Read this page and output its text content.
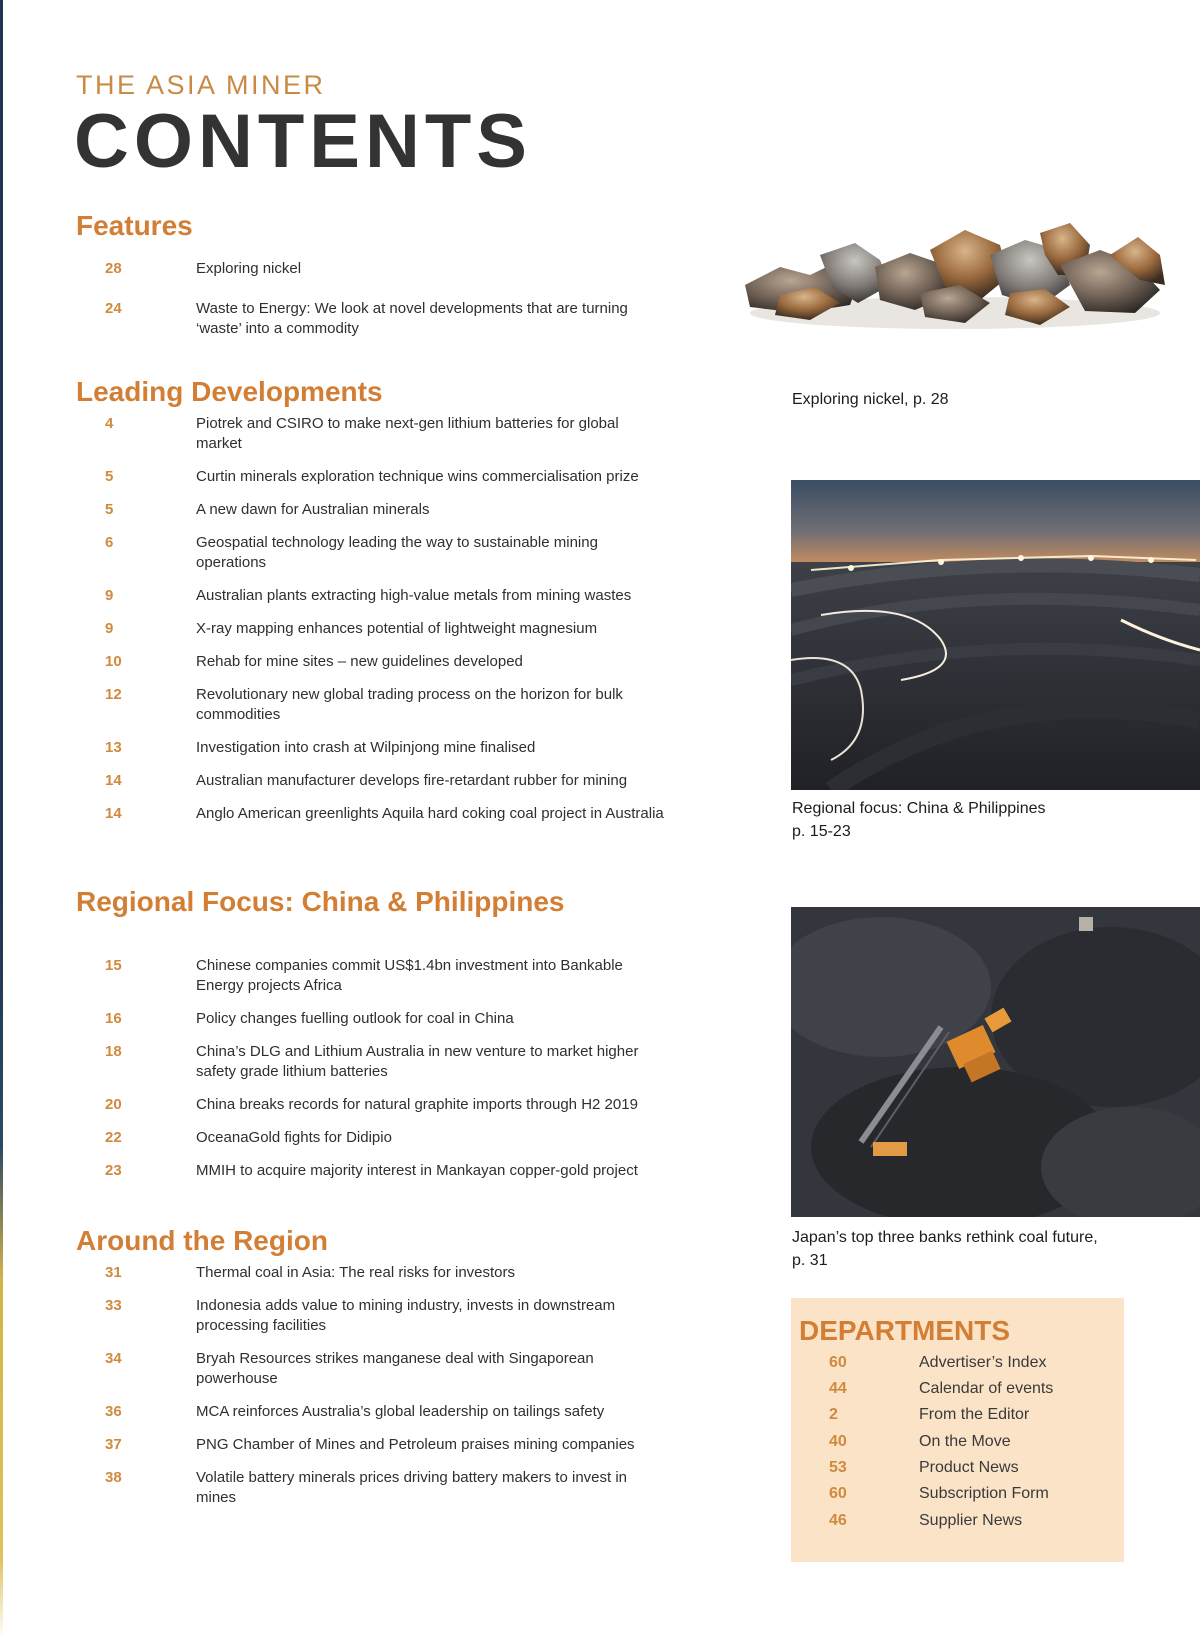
THE ASIA MINER
CONTENTS
Features
28	Exploring nickel
24	Waste to Energy: We look at novel developments that are turning ‘waste’ into a commodity
Leading Developments
4	Piotrek and CSIRO to make next-gen lithium batteries for global market
5	Curtin minerals exploration technique wins commercialisation prize
5	A new dawn for Australian minerals
6	Geospatial technology leading the way to sustainable mining operations
9	Australian plants extracting high-value metals from mining wastes
9	X-ray mapping enhances potential of lightweight magnesium
10	Rehab for mine sites – new guidelines developed
12	Revolutionary new global trading process on the horizon for bulk commodities
13	Investigation into crash at Wilpinjong mine finalised
14	Australian manufacturer develops fire-retardant rubber for mining
14	Anglo American greenlights Aquila hard coking coal project in Australia
Regional Focus: China & Philippines
15	Chinese companies commit US$1.4bn investment into Bankable Energy projects Africa
16	Policy changes fuelling outlook for coal in China
18	China’s DLG and Lithium Australia in new venture to market higher safety grade lithium batteries
20	China breaks records for natural graphite imports through H2 2019
22	OceanaGold fights for Didipio
23	MMIH to acquire majority interest in Mankayan copper-gold project
Around the Region
31	Thermal coal in Asia: The real risks for investors
33	Indonesia adds value to mining industry, invests in downstream processing facilities
34	Bryah Resources strikes manganese deal with Singaporean powerhouse
36	MCA reinforces Australia’s global leadership on tailings safety
37	PNG Chamber of Mines and Petroleum praises mining companies
38	Volatile battery minerals prices driving battery makers to invest in mines
Exploring nickel, p. 28
Regional focus: China & Philippines
p. 15-23
Japan’s top three banks rethink coal future,
p. 31
DEPARTMENTS
60	Advertiser’s Index
44	Calendar of events
2	From the Editor
40	On the Move
53	Product News
60	Subscription Form
46	Supplier News
